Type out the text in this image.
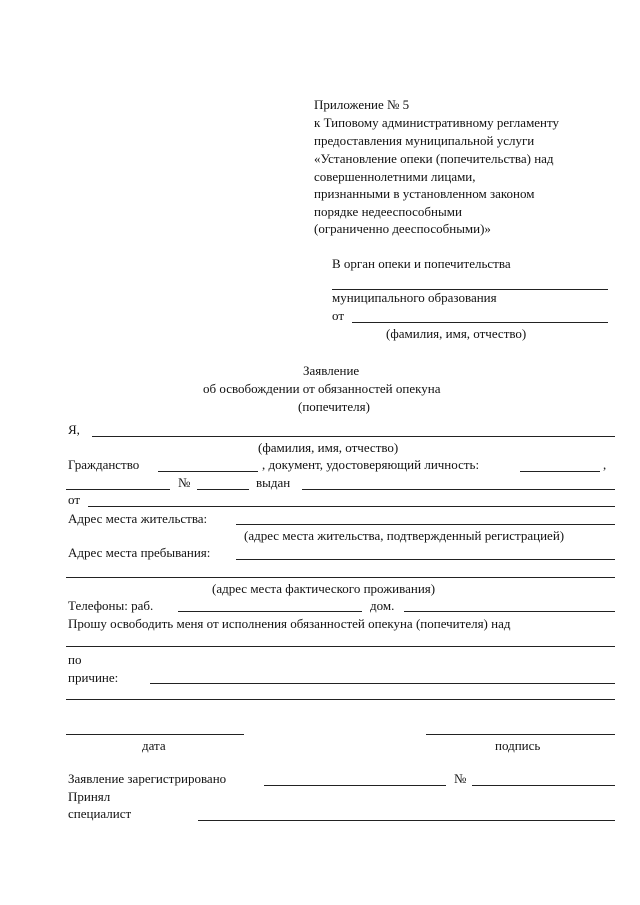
Приложение № 5
к Типовому административному регламенту
предоставления муниципальной услуги
«Установление опеки (попечительства) над
совершеннолетними лицами,
признанными в установленном законом
порядке недееспособными
(ограниченно дееспособными)»
В орган опеки и попечительства
муниципального образования
от
(фамилия, имя, отчество)
Заявление
об освобождении от обязанностей опекуна
(попечителя)
Я,
(фамилия, имя, отчество)
Гражданство	, документ, удостоверяющий личность:	,
№	выдан
от
Адрес места жительства:
(адрес места жительства, подтвержденный регистрацией)
Адрес места пребывания:
(адрес места фактического проживания)
Телефоны: раб.	дом.
Прошу освободить меня от исполнения обязанностей опекуна (попечителя) над
по
причине:
дата	подпись
Заявление зарегистрировано	№
Принял
специалист
